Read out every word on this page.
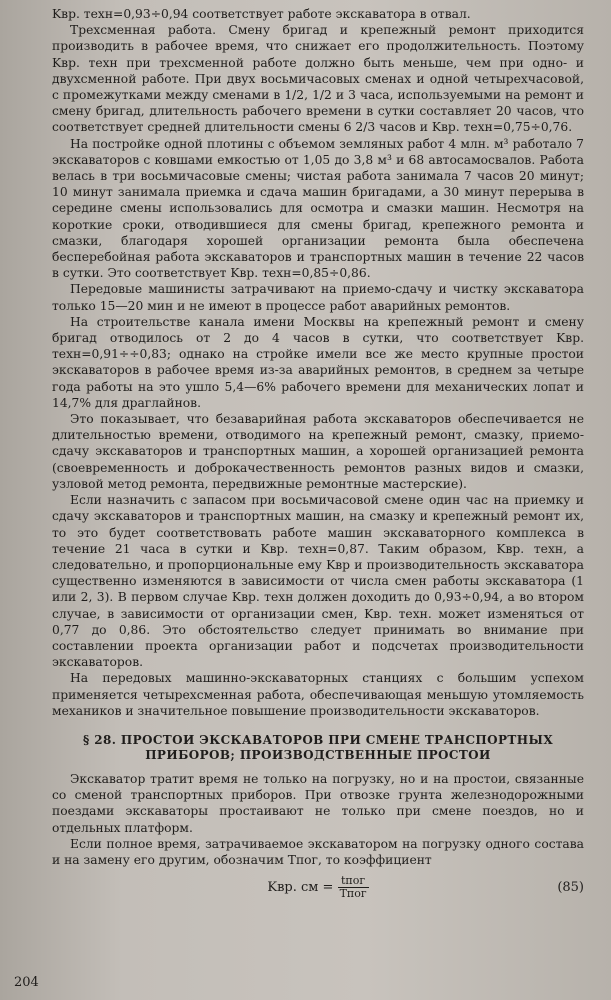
Kвр. техн=0,93÷0,94 соответствует работе экскаватора в отвал.

Трехсменная работа. Смену бригад и крепежный ремонт приходится производить в рабочее время, что снижает его продолжительность. Поэтому Kвр. техн при трехсменной работе должно быть меньше, чем при одно- и двухсменной работе. При двух восьмичасовых сменах и одной четырехчасовой, с промежутками между сменами в 1/2, 1/2 и 3 часа, используемыми на ремонт и смену бригад, длительность рабочего времени в сутки составляет 20 часов, что соответствует средней длительности смены 6 2/3 часов и Kвр. техн=0,75÷0,76.

На постройке одной плотины с объемом земляных работ 4 млн. м³ работало 7 экскаваторов с ковшами емкостью от 1,05 до 3,8 м³ и 68 автосамосвалов. Работа велась в три восьмичасовые смены; чистая работа занимала 7 часов 20 минут; 10 минут занимала приемка и сдача машин бригадами, а 30 минут перерыва в середине смены использовались для осмотра и смазки машин. Несмотря на короткие сроки, отводившиеся для смены бригад, крепежного ремонта и смазки, благодаря хорошей организации ремонта была обеспечена бесперебойная работа экскаваторов и транспортных машин в течение 22 часов в сутки. Это соответствует Kвр. техн=0,85÷0,86.

Передовые машинисты затрачивают на приемо-сдачу и чистку экскаватора только 15—20 мин и не имеют в процессе работ аварийных ремонтов.

На строительстве канала имени Москвы на крепежный ремонт и смену бригад отводилось от 2 до 4 часов в сутки, что соответствует Kвр. техн=0,91÷÷0,83; однако на стройке имели все же место крупные простои экскаваторов в рабочее время из-за аварийных ремонтов, в среднем за четыре года работы на это ушло 5,4—6% рабочего времени для механических лопат и 14,7% для драглайнов.

Это показывает, что безаварийная работа экскаваторов обеспечивается не длительностью времени, отводимого на крепежный ремонт, смазку, приемо-сдачу экскаваторов и транспортных машин, а хорошей организацией ремонта (своевременность и доброкачественность ремонтов разных видов и смазки, узловой метод ремонта, передвижные ремонтные мастерские).

Если назначить с запасом при восьмичасовой смене один час на приемку и сдачу экскаваторов и транспортных машин, на смазку и крепежный ремонт их, то это будет соответствовать работе машин экскаваторного комплекса в течение 21 часа в сутки и Kвр. техн=0,87. Таким образом, Kвр. техн, а следовательно, и пропорциональные ему Kвр и производительность экскаватора существенно изменяются в зависимости от числа смен работы экскаватора (1 или 2, 3). В первом случае Kвр. техн должен доходить до 0,93÷0,94, а во втором случае, в зависимости от организации смен, Kвр. техн. может изменяться от 0,77 до 0,86. Это обстоятельство следует принимать во внимание при составлении проекта организации работ и подсчетах производительности экскаваторов.

На передовых машинно-экскаваторных станциях с большим успехом применяется четырехсменная работа, обеспечивающая меньшую утомляемость механиков и значительное повышение производительности экскаваторов.

§ 28. ПРОСТОИ ЭКСКАВАТОРОВ ПРИ СМЕНЕ ТРАНСПОРТНЫХ ПРИБОРОВ; ПРОИЗВОДСТВЕННЫЕ ПРОСТОИ

Экскаватор тратит время не только на погрузку, но и на простои, связанные со сменой транспортных приборов. При отвозке грунта железнодорожными поездами экскаваторы простаивают не только при смене поездов, но и отдельных платформ.

Если полное время, затрачиваемое экскаватором на погрузку одного состава и на замену его другим, обозначим Tпог, то коэффициент

Kвр. см = $\frac{\text{tпог}}{\text{Tпог}}$	(85)
204
